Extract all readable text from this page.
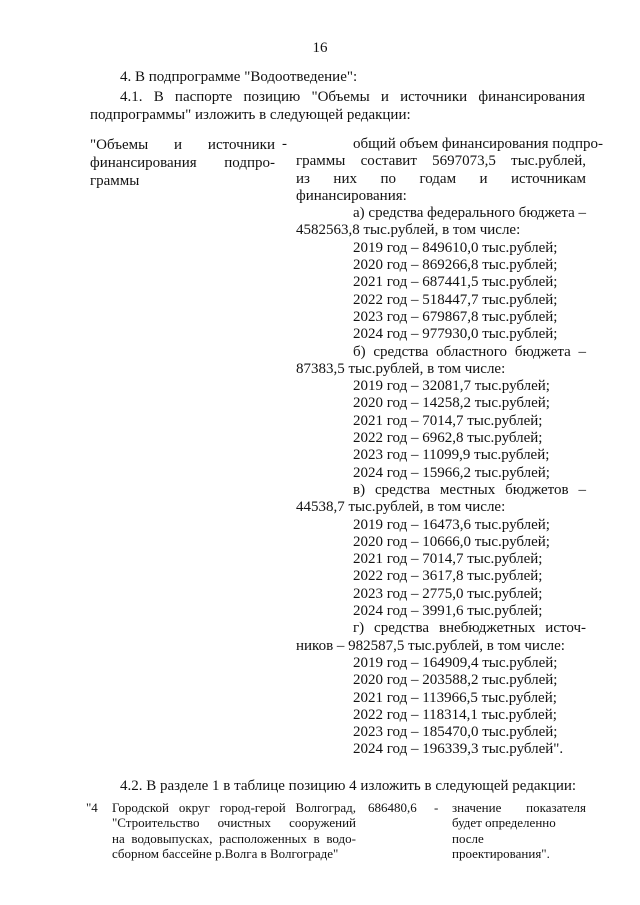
16
4. В подпрограмме "Водоотведение":
4.1. В паспорте позицию "Объемы и источники финансирования
подпрограммы" изложить в следующей редакции:
"Объемы и источники
финансирования подпро-
граммы
-	общий объем финансирования подпро-
граммы составит 5697073,5 тыс.рублей,
из них по годам и источникам
финансирования:
а) средства федерального бюджета –
4582563,8 тыс.рублей, в том числе:
2019 год – 849610,0 тыс.рублей;
2020 год – 869266,8 тыс.рублей;
2021 год – 687441,5 тыс.рублей;
2022 год – 518447,7 тыс.рублей;
2023 год – 679867,8 тыс.рублей;
2024 год – 977930,0 тыс.рублей;
б) средства областного бюджета –
87383,5 тыс.рублей, в том числе:
2019 год – 32081,7 тыс.рублей;
2020 год – 14258,2 тыс.рублей;
2021 год – 7014,7 тыс.рублей;
2022 год – 6962,8 тыс.рублей;
2023 год – 11099,9 тыс.рублей;
2024 год – 15966,2 тыс.рублей;
в) средства местных бюджетов –
44538,7 тыс.рублей, в том числе:
2019 год – 16473,6 тыс.рублей;
2020 год – 10666,0 тыс.рублей;
2021 год – 7014,7 тыс.рублей;
2022 год – 3617,8 тыс.рублей;
2023 год – 2775,0 тыс.рублей;
2024 год – 3991,6 тыс.рублей;
г) средства внебюджетных источ-
ников – 982587,5 тыс.рублей, в том числе:
2019 год – 164909,4 тыс.рублей;
2020 год – 203588,2 тыс.рублей;
2021 год – 113966,5 тыс.рублей;
2022 год – 118314,1 тыс.рублей;
2023 год – 185470,0 тыс.рублей;
2024 год – 196339,3 тыс.рублей".
4.2. В разделе 1 в таблице позицию 4 изложить в следующей редакции:
"4	Городской округ город-герой Волгоград,
"Строительство очистных сооружений
на водовыпусках, расположенных в водо-
сборном бассейне р.Волга в Волгограде"
686480,6	-	значение показателя
будет определенно после
проектирования".
